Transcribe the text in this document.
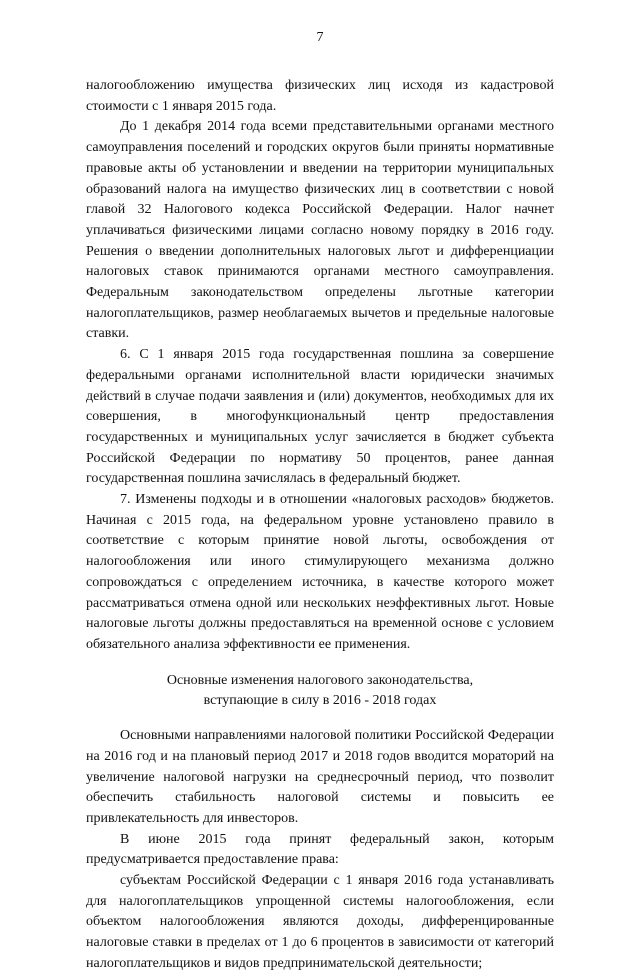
7

налогообложению имущества физических лиц исходя из кадастровой стоимости с 1 января 2015 года.

До 1 декабря 2014 года всеми представительными органами местного самоуправления поселений и городских округов были приняты нормативные правовые акты об установлении и введении на территории муниципальных образований налога на имущество физических лиц в соответствии с новой главой 32 Налогового кодекса Российской Федерации. Налог начнет уплачиваться физическими лицами согласно новому порядку в 2016 году. Решения о введении дополнительных налоговых льгот и дифференциации налоговых ставок принимаются органами местного самоуправления. Федеральным законодательством определены льготные категории налогоплательщиков, размер необлагаемых вычетов и предельные налоговые ставки.

6. С 1 января 2015 года государственная пошлина за совершение федеральными органами исполнительной власти юридически значимых действий в случае подачи заявления и (или) документов, необходимых для их совершения, в многофункциональный центр предоставления государственных и муниципальных услуг зачисляется в бюджет субъекта Российской Федерации по нормативу 50 процентов, ранее данная государственная пошлина зачислялась в федеральный бюджет.

7. Изменены подходы и в отношении «налоговых расходов» бюджетов. Начиная с 2015 года, на федеральном уровне установлено правило в соответствие с которым принятие новой льготы, освобождения от налогообложения или иного стимулирующего механизма должно сопровождаться с определением источника, в качестве которого может рассматриваться отмена одной или нескольких неэффективных льгот. Новые налоговые льготы должны предоставляться на временной основе с условием обязательного анализа эффективности ее применения.

Основные изменения налогового законодательства,
вступающие в силу в 2016 - 2018 годах

Основными направлениями налоговой политики Российской Федерации на 2016 год и на плановый период 2017 и 2018 годов вводится мораторий на увеличение налоговой нагрузки на среднесрочный период, что позволит обеспечить стабильность налоговой системы и повысить ее привлекательность для инвесторов.

В июне 2015 года принят федеральный закон, которым предусматривается предоставление права:

субъектам Российской Федерации с 1 января 2016 года устанавливать для налогоплательщиков упрощенной системы налогообложения, если объектом налогообложения являются доходы, дифференцированные налоговые ставки в пределах от 1 до 6 процентов в зависимости от категорий налогоплательщиков и видов предпринимательской деятельности;
